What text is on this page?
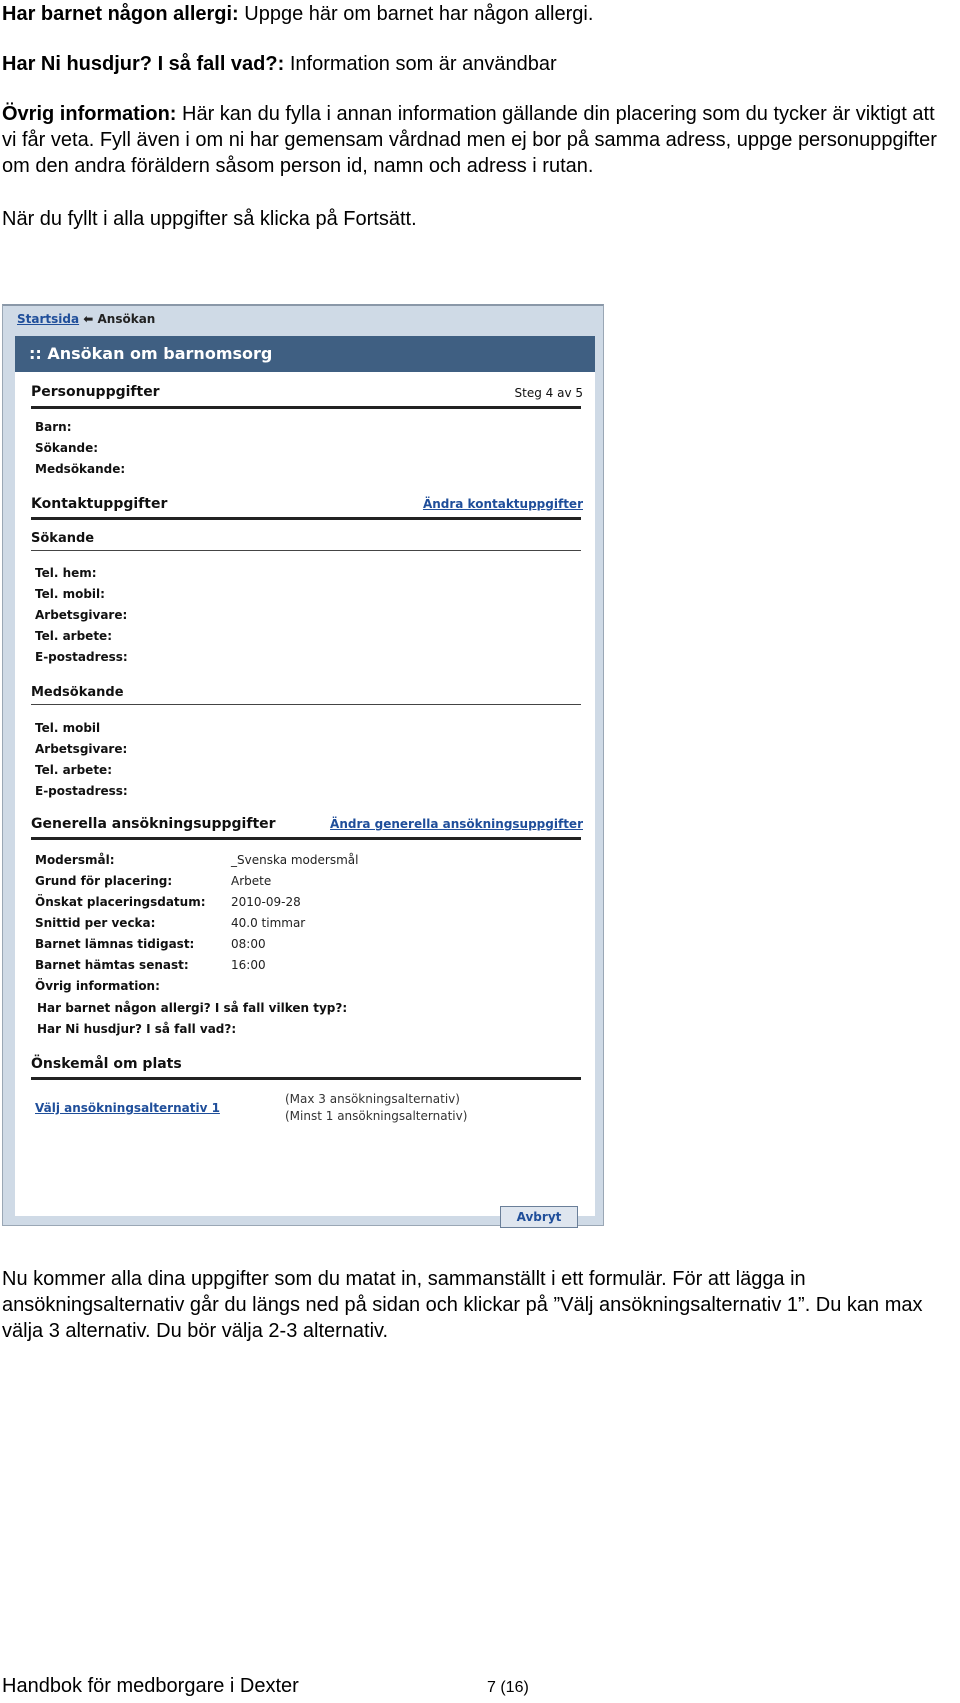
Har barnet någon allergi: Uppge här om barnet har någon allergi.

Har Ni husdjur? I så fall vad?: Information som är användbar

Övrig information: Här kan du fylla i annan information gällande din placering som du tycker är viktigt att vi får veta. Fyll även i om ni har gemensam vårdnad men ej bor på samma adress, uppge personuppgifter om den andra föräldern såsom person id, namn och adress i rutan.

När du fyllt i alla uppgifter så klicka på Fortsätt.

Startsida ⬅ Ansökan
:: Ansökan om barnomsorg
Personuppgifter	Steg 4 av 5
Barn:
Sökande:
Medsökande:
Kontaktuppgifter	Ändra kontaktuppgifter
Sökande
Tel. hem:
Tel. mobil:
Arbetsgivare:
Tel. arbete:
E-postadress:
Medsökande
Tel. mobil
Arbetsgivare:
Tel. arbete:
E-postadress:
Generella ansökningsuppgifter	Ändra generella ansökningsuppgifter
Modersmål:	_Svenska modersmål
Grund för placering:	Arbete
Önskat placeringsdatum: 2010-09-28
Snittid per vecka:	40.0 timmar
Barnet lämnas tidigast:	08:00
Barnet hämtas senast:	16:00
Övrig information:
Har barnet någon allergi? I så fall vilken typ?:
Har Ni husdjur? I så fall vad?:
Önskemål om plats
Välj ansökningsalternativ 1
(Max 3 ansökningsalternativ)
(Minst 1 ansökningsalternativ)
Avbryt

Nu kommer alla dina uppgifter som du matat in, sammanställt i ett formulär. För att lägga in ansökningsalternativ går du längs ned på sidan och klickar på ”Välj ansökningsalternativ 1”. Du kan max välja 3 alternativ. Du bör välja 2-3 alternativ.

Handbok för medborgare i Dexter	7 (16)
